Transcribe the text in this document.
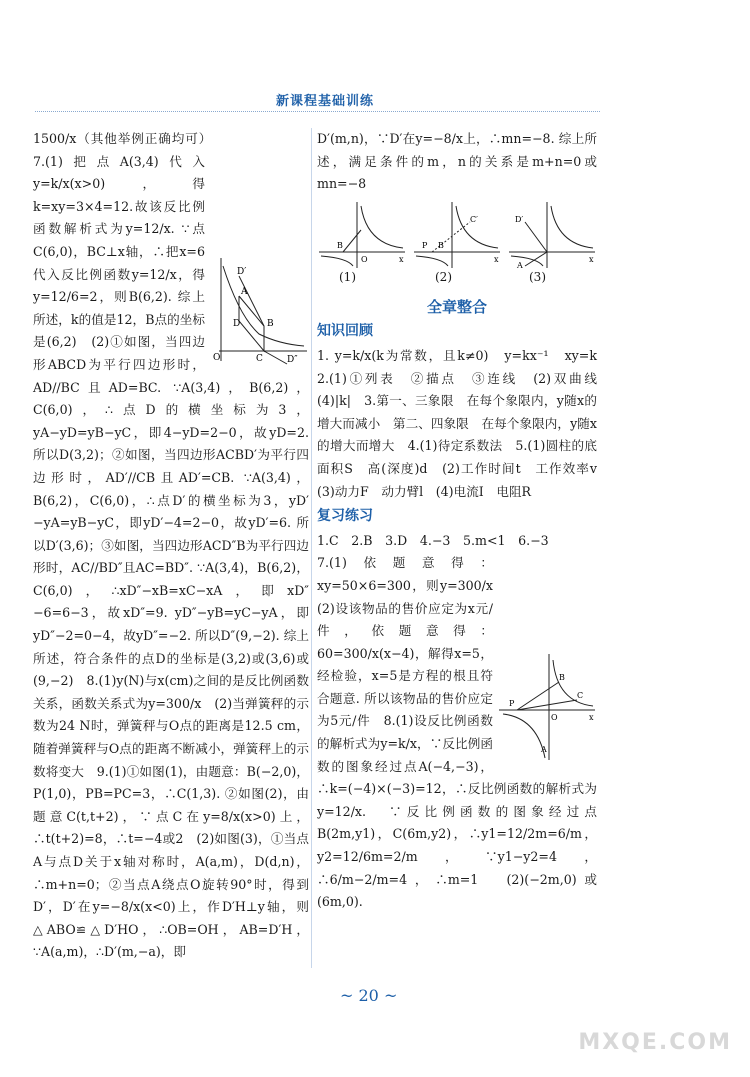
新课程基础训练
A
D	B
C
D′
D″
O

1500/x（其他举例正确均可）　7.(1)把点A(3,4)代入y=k/x(x>0)，得k=xy=3×4=12.故该反比例函数解析式为y=12/x. ∵点C(6,0)，BC⊥x轴，∴把x=6代入反比例函数y=12/x，得y=12/6=2，则B(6,2). 综上所述，k的值是12，B点的坐标是(6,2)　(2)①如图，当四边形ABCD为平行四边形时，AD//BC且AD=BC. ∵A(3,4)，B(6,2)，C(6,0)，∴点D的横坐标为3，yA−yD=yB−yC，即4−yD=2−0，故yD=2. 所以D(3,2)；②如图，当四边形ACBD′为平行四边形时，AD′//CB且AD′=CB. ∵A(3,4)，B(6,2)，C(6,0)，∴点D′的横坐标为3，yD′−yA=yB−yC，即yD′−4=2−0，故yD′=6. 所以D′(3,6)；③如图，当四边形ACD″B为平行四边形时，AC//BD″且AC=BD″. ∵A(3,4)，B(6,2)，C(6,0)，∴xD″−xB=xC−xA，即xD″−6=6−3，故xD″=9. yD″−yB=yC−yA，即yD″−2=0−4，故yD″=−2. 所以D″(9,−2). 综上所述，符合条件的点D的坐标是(3,2)或(3,6)或(9,−2)　8.(1)y(N)与x(cm)之间的是反比例函数关系，函数关系式为y=300/x　(2)当弹簧秤的示数为24 N时，弹簧秤与O点的距离是12.5 cm，随着弹簧秤与O点的距离不断减小，弹簧秤上的示数将变大　9.(1)①如图(1)，由题意：B(−2,0)，P(1,0)，PB=PC=3，∴C(1,3). ②如图(2)，由题意C(t,t+2)，∵点C在y=8/x(x>0)上，∴t(t+2)=8，∴t=−4或2　(2)如图(3)，①当点A与点D关于x轴对称时，A(a,m)，D(d,n)，∴m+n=0；②当点A绕点O旋转90°时，得到D′，D′在y=−8/x(x<0)上，作D′H⊥y轴，则△ABO≌△D′HO，∴OB=OH，AB=D′H，∵A(a,m)，∴D′(m,−a)，即

D′(m,n)，∵D′在y=−8/x上，∴mn=−8. 综上所述，满足条件的m，n的关系是m+n=0或mn=−8

B
O	x
P B
C′
x
D′
A
x
(1)	(2)	(3)
全章整合
知识回顾

1. y=k/x(k为常数，且k≠0)　y=kx⁻¹　xy=k　2.(1)①列表　②描点　③连线　(2)双曲线　(4)|k|　3.第一、三象限　在每个象限内，y随x的增大而减小　第二、四象限　在每个象限内，y随x的增大而增大　4.(1)待定系数法　5.(1)圆柱的底面积S　高(深度)d　(2)工作时间t　工作效率v　(3)动力F　动力臂l　(4)电流I　电阻R

复习练习

1.C　2.B　3.D　4.−3　5.m<1　6.−3

P
B
C
A
O	x

7.(1)依题意得：xy=50×6=300，则y=300/x　(2)设该物品的售价应定为x元/件，依题意得：60=300/x(x−4)，解得x=5，经检验，x=5是方程的根且符合题意. 所以该物品的售价应定为5元/件　8.(1)设反比例函数的解析式为y=k/x，∵反比例函数的图象经过点A(−4,−3)，∴k=(−4)×(−3)=12，∴反比例函数的解析式为y=12/x.　∵反比例函数的图象经过点B(2m,y1)，C(6m,y2)，∴y1=12/2m=6/m，y2=12/6m=2/m，∵y1−y2=4，∴6/m−2/m=4，∴m=1　(2)(−2m,0)或(6m,0).

~ 20 ~
MXQE.COM
